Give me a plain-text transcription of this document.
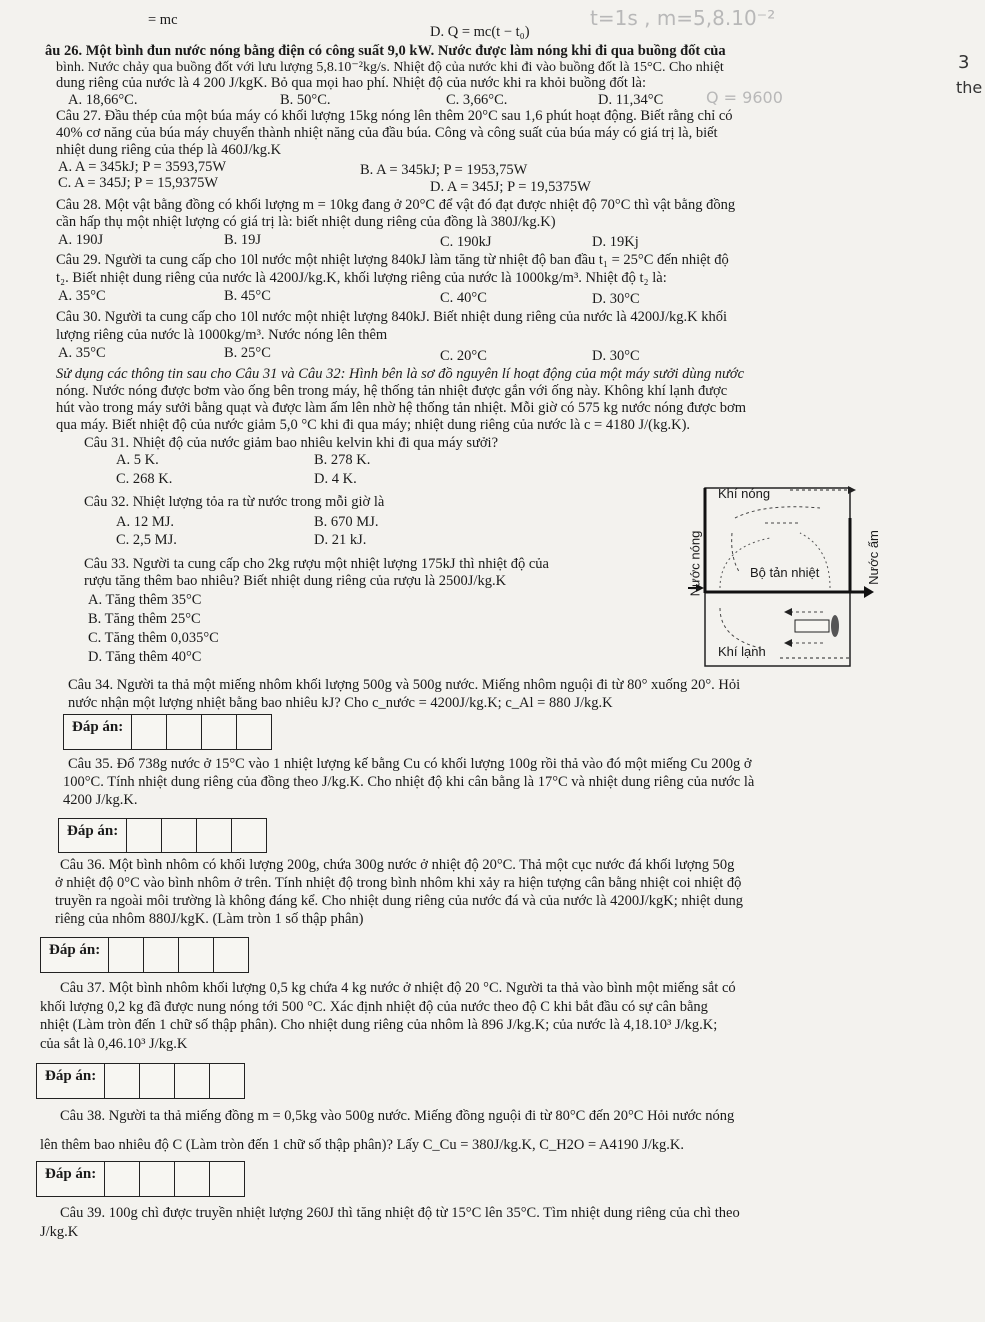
= mc
D. Q = mc(t − t₀)
âu 26. Một bình đun nước nóng bằng điện có công suất 9,0 kW. Nước được làm nóng khi đi qua buồng đốt của
bình. Nước chảy qua buồng đốt với lưu lượng 5,8.10⁻²kg/s. Nhiệt độ của nước khi đi vào buồng đốt là 15°C. Cho nhiệt
dung riêng của nước là 4 200 J/kgK. Bỏ qua mọi hao phí. Nhiệt độ của nước khi ra khỏi buồng đốt là:
A. 18,66°C.	B. 50°C.	C. 3,66°C.	D. 11,34°C
Câu 27. Đầu thép của một búa máy có khối lượng 15kg nóng lên thêm 20°C sau 1,6 phút hoạt động. Biết rằng chỉ có
40% cơ năng của búa máy chuyển thành nhiệt năng của đầu búa. Công và công suất của búa máy có giá trị là, biết
nhiệt dung riêng của thép là 460J/kg.K
A. A = 345kJ; P = 3593,75W	B. A = 345kJ; P = 1953,75W
C. A = 345J; P = 15,9375W	D. A = 345J; P = 19,5375W
Câu 28. Một vật bằng đồng có khối lượng m = 10kg đang ở 20°C để vật đó đạt được nhiệt độ 70°C thì vật bằng đồng
cần hấp thụ một nhiệt lượng có giá trị là: biết nhiệt dung riêng của đồng là 380J/kg.K)
A. 190J	B. 19J	C. 190kJ	D. 19Kj
Câu 29. Người ta cung cấp cho 10l nước một nhiệt lượng 840kJ làm tăng từ nhiệt độ ban đầu t₁ = 25°C đến nhiệt độ
t₂. Biết nhiệt dung riêng của nước là 4200J/kg.K, khối lượng riêng của nước là 1000kg/m³. Nhiệt độ t₂ là:
A. 35°C	B. 45°C	C. 40°C	D. 30°C
Câu 30. Người ta cung cấp cho 10l nước một nhiệt lượng 840kJ. Biết nhiệt dung riêng của nước là 4200J/kg.K khối
lượng riêng của nước là 1000kg/m³. Nước nóng lên thêm
A. 35°C	B. 25°C	C. 20°C	D. 30°C
Sử dụng các thông tin sau cho Câu 31 và Câu 32: Hình bên là sơ đồ nguyên lí hoạt động của một máy sưởi dùng nước
nóng. Nước nóng được bơm vào ống bên trong máy, hệ thống tản nhiệt được gắn với ống này. Không khí lạnh được
hút vào trong máy sưởi bằng quạt và được làm ấm lên nhờ hệ thống tản nhiệt. Mỗi giờ có 575 kg nước nóng được bơm
qua máy. Biết nhiệt độ của nước giảm 5,0 °C khi đi qua máy; nhiệt dung riêng của nước là c = 4180 J/(kg.K).
Câu 31. Nhiệt độ của nước giảm bao nhiêu kelvin khi đi qua máy sưởi?
A. 5 K.	B. 278 K.
C. 268 K.	D. 4 K.
Câu 32. Nhiệt lượng tỏa ra từ nước trong mỗi giờ là
A. 12 MJ.	B. 670 MJ.
C. 2,5 MJ.	D. 21 kJ.
Câu 33. Người ta cung cấp cho 2kg rượu một nhiệt lượng 175kJ thì nhiệt độ của
rượu tăng thêm bao nhiêu? Biết nhiệt dung riêng của rượu là 2500J/kg.K
A. Tăng thêm 35°C
B. Tăng thêm 25°C
C. Tăng thêm 0,035°C
D. Tăng thêm 40°C
Câu 34. Người ta thả một miếng nhôm khối lượng 500g và 500g nước. Miếng nhôm nguội đi từ 80° xuống 20°. Hỏi
nước nhận một lượng nhiệt bằng bao nhiêu kJ? Cho c_nước = 4200J/kg.K; c_Al = 880 J/kg.K
Đáp án:
Câu 35. Đổ 738g nước ở 15°C vào 1 nhiệt lượng kế bằng Cu có khối lượng 100g rồi thả vào đó một miếng Cu 200g ở
100°C. Tính nhiệt dung riêng của đồng theo J/kg.K. Cho nhiệt độ khi cân bằng là 17°C và nhiệt dung riêng của nước là
4200 J/kg.K.
Đáp án:
Câu 36. Một bình nhôm có khối lượng 200g, chứa 300g nước ở nhiệt độ 20°C. Thả một cục nước đá khối lượng 50g
ở nhiệt độ 0°C vào bình nhôm ở trên. Tính nhiệt độ trong bình nhôm khi xảy ra hiện tượng cân bằng nhiệt coi nhiệt độ
truyền ra ngoài môi trường là không đáng kể. Cho nhiệt dung riêng của nước đá và của nước là 4200J/kgK; nhiệt dung
riêng của nhôm 880J/kgK. (Làm tròn 1 số thập phân)
Đáp án:
Câu 37. Một bình nhôm khối lượng 0,5 kg chứa 4 kg nước ở nhiệt độ 20 °C. Người ta thả vào bình một miếng sắt có
khối lượng 0,2 kg đã được nung nóng tới 500 °C. Xác định nhiệt độ của nước theo độ C khi bắt đầu có sự cân bằng
nhiệt (Làm tròn đến 1 chữ số thập phân). Cho nhiệt dung riêng của nhôm là 896 J/kg.K; của nước là 4,18.10³ J/kg.K;
của sắt là 0,46.10³ J/kg.K
Đáp án:
Câu 38. Người ta thả miếng đồng m = 0,5kg vào 500g nước. Miếng đồng nguội đi từ 80°C đến 20°C Hỏi nước nóng
lên thêm bao nhiêu độ C (Làm tròn đến 1 chữ số thập phân)? Lấy C_Cu = 380J/kg.K, C_H2O = A4190 J/kg.K.
Đáp án:
Câu 39. 100g chì được truyền nhiệt lượng 260J thì tăng nhiệt độ từ 15°C lên 35°C. Tìm nhiệt dung riêng của chì theo
J/kg.K
t=1s , m=5,8.10⁻²
Q = 9600
3
the
Khí nóng
Bộ tản nhiệt
Khí lạnh
Nước nóng	Nước ấm
